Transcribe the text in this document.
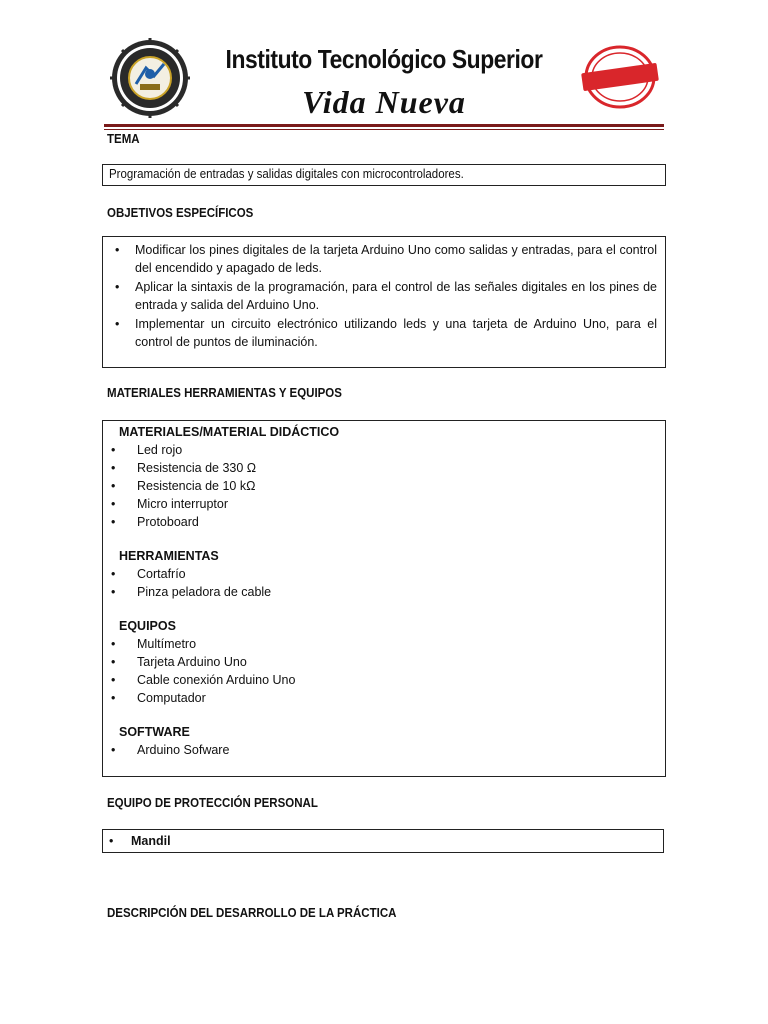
Instituto Tecnológico Superior
Vida Nueva
TEMA
Programación de entradas y salidas digitales con microcontroladores.
OBJETIVOS ESPECÍFICOS
• Modificar los pines digitales de la tarjeta Arduino Uno como salidas y entradas, para el control del encendido y apagado de leds.
• Aplicar la sintaxis de la programación, para el control de las señales digitales en los pines de entrada y salida del Arduino Uno.
• Implementar un circuito electrónico utilizando leds y una tarjeta de Arduino Uno, para el control de puntos de iluminación.
MATERIALES HERRAMIENTAS Y EQUIPOS
MATERIALES/MATERIAL DIDÁCTICO
• Led rojo
• Resistencia de 330 Ω
• Resistencia de 10 kΩ
• Micro interruptor
• Protoboard
HERRAMIENTAS
• Cortafrío
• Pinza peladora de cable
EQUIPOS
• Multímetro
• Tarjeta Arduino Uno
• Cable conexión Arduino Uno
• Computador
SOFTWARE
• Arduino Sofware
EQUIPO DE PROTECCIÓN PERSONAL
• Mandil
DESCRIPCIÓN DEL DESARROLLO DE LA PRÁCTICA
